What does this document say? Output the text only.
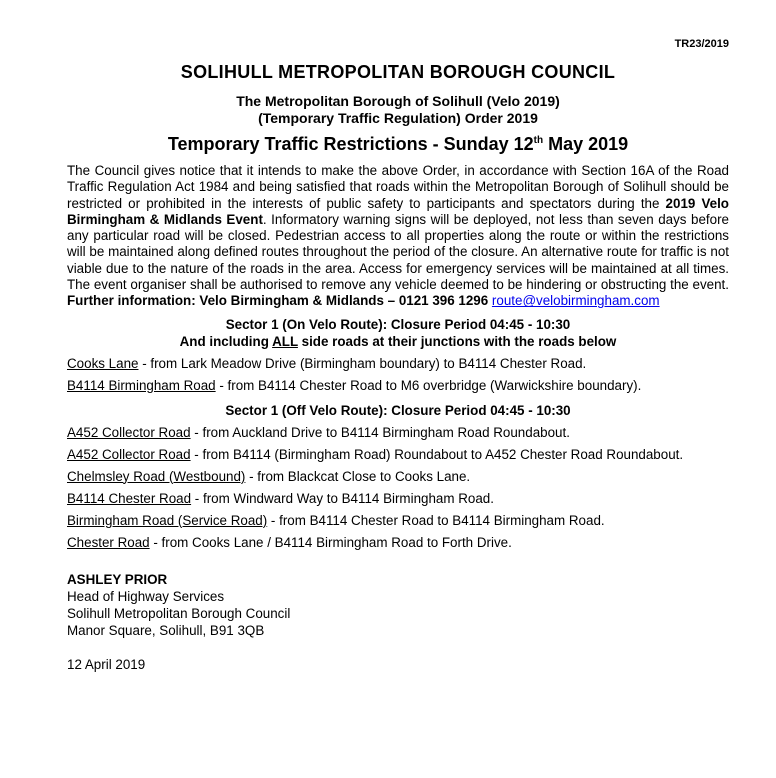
TR23/2019
SOLIHULL METROPOLITAN BOROUGH COUNCIL
The Metropolitan Borough of Solihull (Velo 2019)
(Temporary Traffic Regulation) Order 2019
Temporary Traffic Restrictions - Sunday 12th May 2019
The Council gives notice that it intends to make the above Order, in accordance with Section 16A of the Road Traffic Regulation Act 1984 and being satisfied that roads within the Metropolitan Borough of Solihull should be restricted or prohibited in the interests of public safety to participants and spectators during the 2019 Velo Birmingham & Midlands Event. Informatory warning signs will be deployed, not less than seven days before any particular road will be closed. Pedestrian access to all properties along the route or within the restrictions will be maintained along defined routes throughout the period of the closure. An alternative route for traffic is not viable due to the nature of the roads in the area. Access for emergency services will be maintained at all times. The event organiser shall be authorised to remove any vehicle deemed to be hindering or obstructing the event. Further information: Velo Birmingham & Midlands – 0121 396 1296 route@velobirmingham.com
Sector 1 (On Velo Route): Closure Period 04:45 - 10:30
And including ALL side roads at their junctions with the roads below
Cooks Lane - from Lark Meadow Drive (Birmingham boundary) to B4114 Chester Road.
B4114 Birmingham Road - from B4114 Chester Road to M6 overbridge (Warwickshire boundary).
Sector 1 (Off Velo Route): Closure Period 04:45 - 10:30
A452 Collector Road - from Auckland Drive to B4114 Birmingham Road Roundabout.
A452 Collector Road - from B4114 (Birmingham Road) Roundabout to A452 Chester Road Roundabout.
Chelmsley Road (Westbound) - from Blackcat Close to Cooks Lane.
B4114 Chester Road - from Windward Way to B4114 Birmingham Road.
Birmingham Road (Service Road) - from B4114 Chester Road to B4114 Birmingham Road.
Chester Road - from Cooks Lane / B4114 Birmingham Road to Forth Drive.
ASHLEY PRIOR
Head of Highway Services
Solihull Metropolitan Borough Council
Manor Square, Solihull, B91 3QB
12 April 2019
